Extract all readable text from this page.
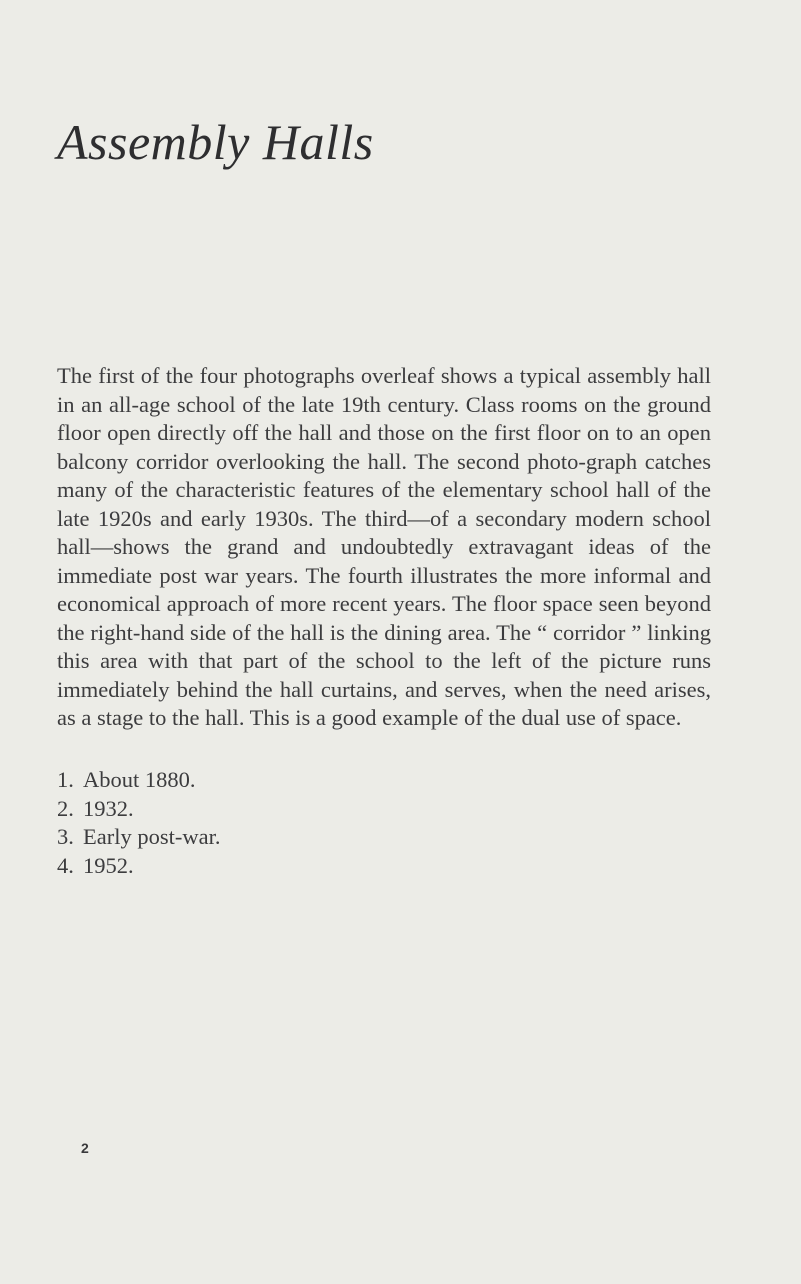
Assembly Halls

The first of the four photographs overleaf shows a typical assembly hall in an all-age school of the late 19th century. Class rooms on the ground floor open directly off the hall and those on the first floor on to an open balcony corridor overlooking the hall. The second photo-graph catches many of the characteristic features of the elementary school hall of the late 1920s and early 1930s. The third—of a secondary modern school hall—shows the grand and undoubtedly extravagant ideas of the immediate post war years. The fourth illustrates the more informal and economical approach of more recent years. The floor space seen beyond the right-hand side of the hall is the dining area. The “ corridor ” linking this area with that part of the school to the left of the picture runs immediately behind the hall curtains, and serves, when the need arises, as a stage to the hall. This is a good example of the dual use of space.

1. About 1880.
2. 1932.
3. Early post-war.
4. 1952.
2
